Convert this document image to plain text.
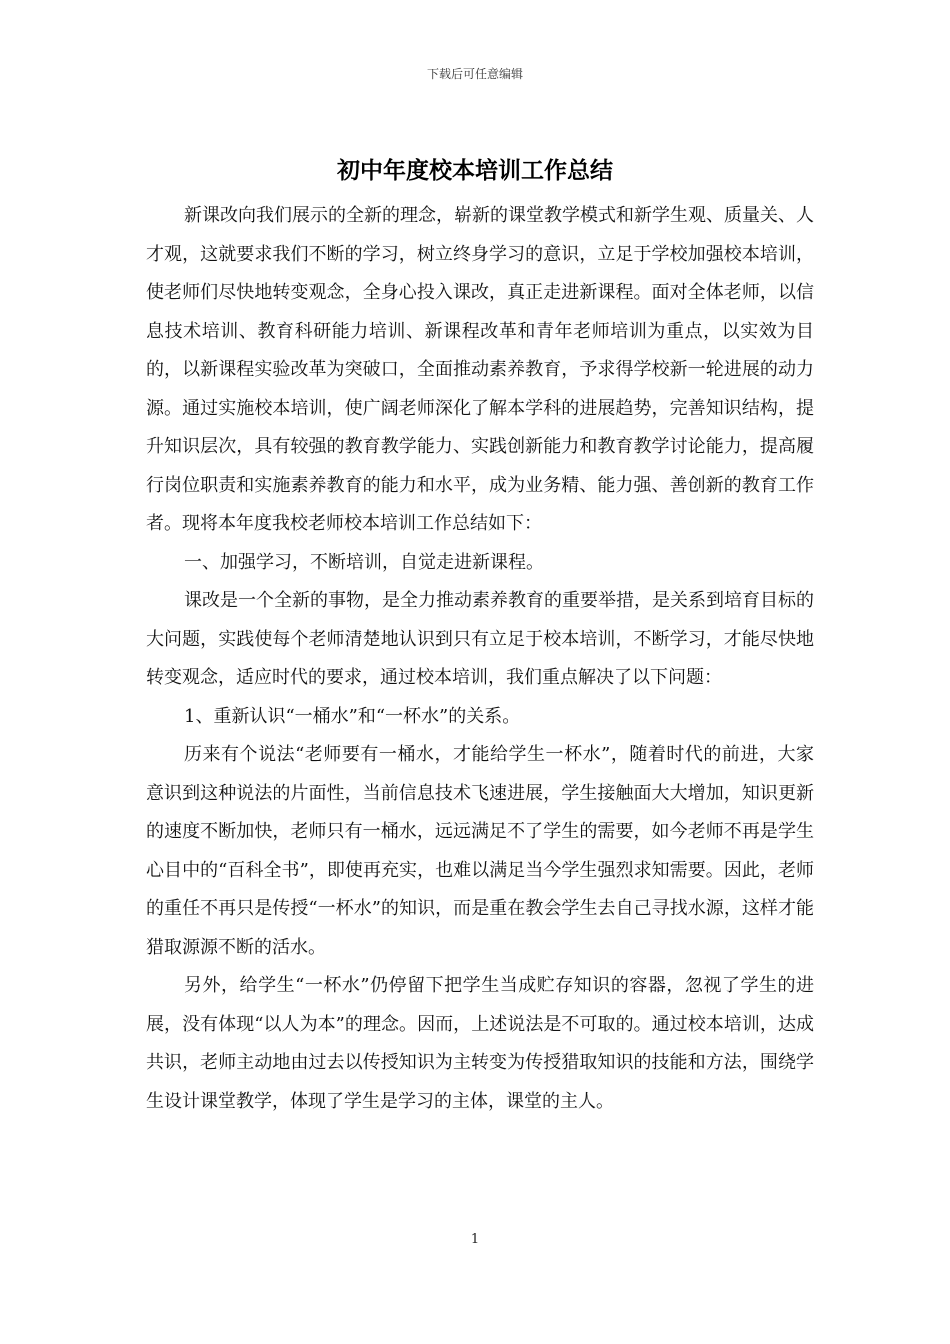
下载后可任意编辑
初中年度校本培训工作总结

新课改向我们展示的全新的理念，崭新的课堂教学模式和新学生观、质量关、人才观，这就要求我们不断的学习，树立终身学习的意识，立足于学校加强校本培训，使老师们尽快地转变观念，全身心投入课改，真正走进新课程。面对全体老师，以信息技术培训、教育科研能力培训、新课程改革和青年老师培训为重点，以实效为目的，以新课程实验改革为突破口，全面推动素养教育，予求得学校新一轮进展的动力源。通过实施校本培训，使广阔老师深化了解本学科的进展趋势，完善知识结构，提升知识层次，具有较强的教育教学能力、实践创新能力和教育教学讨论能力，提高履行岗位职责和实施素养教育的能力和水平，成为业务精、能力强、善创新的教育工作者。现将本年度我校老师校本培训工作总结如下：

一、加强学习，不断培训，自觉走进新课程。

课改是一个全新的事物，是全力推动素养教育的重要举措，是关系到培育目标的大问题，实践使每个老师清楚地认识到只有立足于校本培训，不断学习，才能尽快地转变观念，适应时代的要求，通过校本培训，我们重点解决了以下问题：

1、重新认识“一桶水”和“一杯水”的关系。

历来有个说法“老师要有一桶水，才能给学生一杯水”，随着时代的前进，大家意识到这种说法的片面性，当前信息技术飞速进展，学生接触面大大增加，知识更新的速度不断加快，老师只有一桶水，远远满足不了学生的需要，如今老师不再是学生心目中的“百科全书”，即使再充实，也难以满足当今学生强烈求知需要。因此，老师的重任不再只是传授“一杯水”的知识，而是重在教会学生去自己寻找水源，这样才能猎取源源不断的活水。

另外，给学生“一杯水”仍停留下把学生当成贮存知识的容器，忽视了学生的进展，没有体现“以人为本”的理念。因而，上述说法是不可取的。通过校本培训，达成共识，老师主动地由过去以传授知识为主转变为传授猎取知识的技能和方法，围绕学生设计课堂教学，体现了学生是学习的主体，课堂的主人。

1
